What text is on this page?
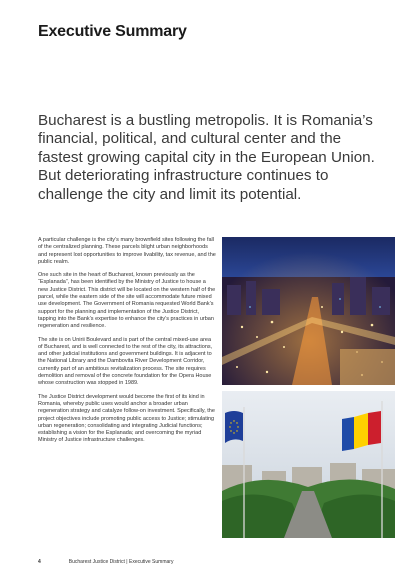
Executive Summary

Bucharest is a bustling metropolis. It is Romania’s financial, political, and cultural center and the fastest growing capital city in the European Union. But deteriorating infrastructure continues to challenge the city and limit its potential.

A particular challenge is the city’s many brownfield sites following the fall of the centralized planning. These parcels blight urban neighborhoods and represent lost opportunities to improve livability, tax revenue, and the public realm.

One such site in the heart of Bucharest, known previously as the “Esplanada”, has been identified by the Ministry of Justice to house a new Justice District. This district will be located on the western half of the parcel, while the eastern side of the site will accommodate future mixed use development. The Government of Romania requested World Bank’s support for the planning and implementation of the Justice District, tapping into the Bank’s expertise to enhance the city’s practices in urban regeneration and resilience.

The site is on Unirii Boulevard and is part of the central mixed-use area of Bucharest, and is well connected to the rest of the city, its attractions, and other judicial institutions and government buildings. It is adjacent to the National Library and the Dambovita River Development Corridor, currently part of an ambitious revitalization process. The site requires demolition and removal of the concrete foundation for the Opera House whose construction was stopped in 1989.

The Justice District development would become the first of its kind in Romania, whereby public uses would anchor a broader urban regeneration strategy and catalyze follow-on investment. Specifically, the project objectives include promoting public access to Justice; stimulating urban regeneration; consolidating and integrating Judicial functions; establishing a vision for the Esplanada; and overcoming the myriad Ministry of Justice infrastructure challenges.

4	Bucharest Justice District | Executive Summary
